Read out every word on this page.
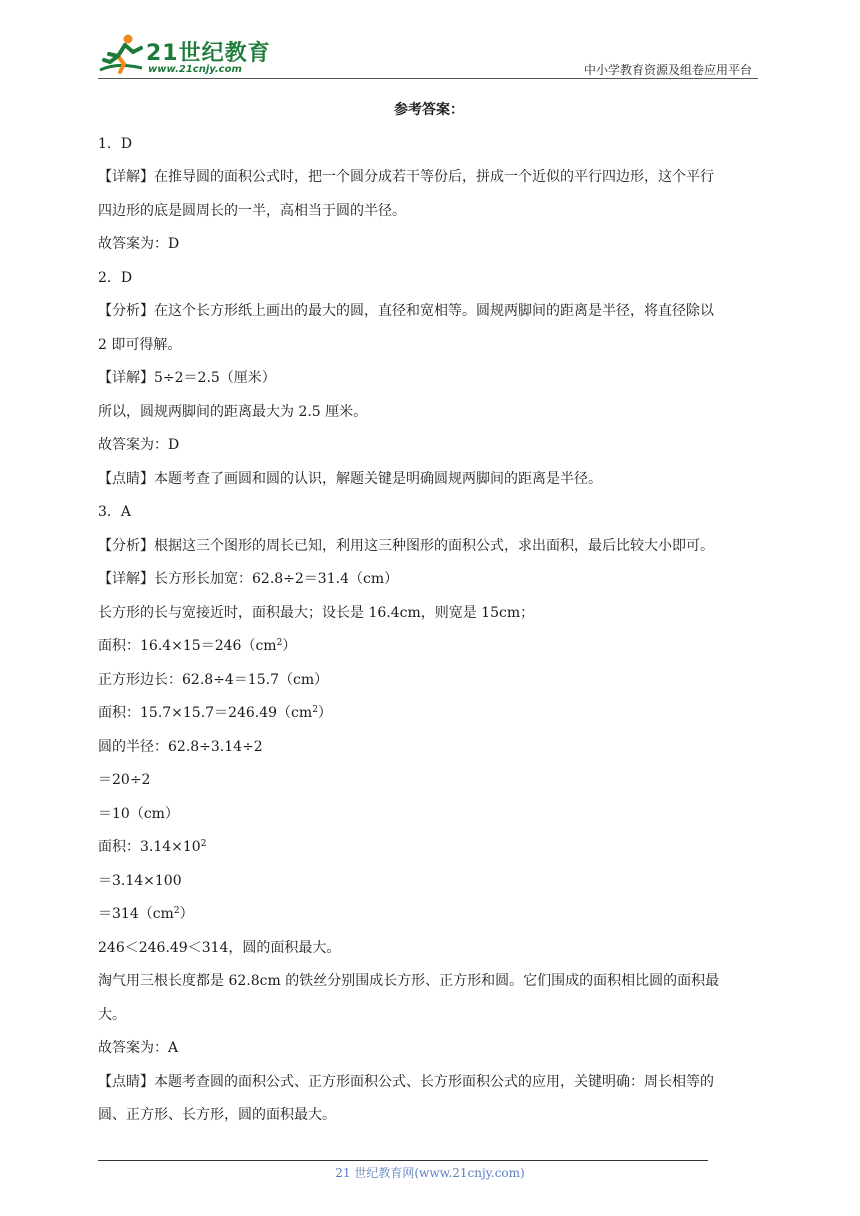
21世纪教育
www.21cnjy.com	中小学教育资源及组卷应用平台
参考答案：
1．D
【详解】在推导圆的面积公式时，把一个圆分成若干等份后，拼成一个近似的平行四边形，这个平行
四边形的底是圆周长的一半，高相当于圆的半径。
故答案为：D
2．D
【分析】在这个长方形纸上画出的最大的圆，直径和宽相等。圆规两脚间的距离是半径，将直径除以
2 即可得解。
【详解】5÷2＝2.5（厘米）
所以，圆规两脚间的距离最大为 2.5 厘米。
故答案为：D
【点睛】本题考查了画圆和圆的认识，解题关键是明确圆规两脚间的距离是半径。
3．A
【分析】根据这三个图形的周长已知，利用这三种图形的面积公式，求出面积，最后比较大小即可。
【详解】长方形长加宽：62.8÷2＝31.4（cm）
长方形的长与宽接近时，面积最大；设长是 16.4cm，则宽是 15cm；
面积：$16.4\times 15=246(cm^2)$
正方形边长：62.8÷4＝15.7（cm）
面积：$15.7\times 15.7=246.49(cm^2)$
圆的半径：62.8÷3.14÷2
＝20÷2
＝10（cm）
面积：$3.14\times 10^2$
＝3.14×100
$=314(cm^2)$
246＜246.49＜314，圆的面积最大。
淘气用三根长度都是 62.8cm 的铁丝分别围成长方形、正方形和圆。它们围成的面积相比圆的面积最
大。
故答案为：A
【点睛】本题考查圆的面积公式、正方形面积公式、长方形面积公式的应用，关键明确：周长相等的
圆、正方形、长方形，圆的面积最大。
21 世纪教育网(www.21cnjy.com)
